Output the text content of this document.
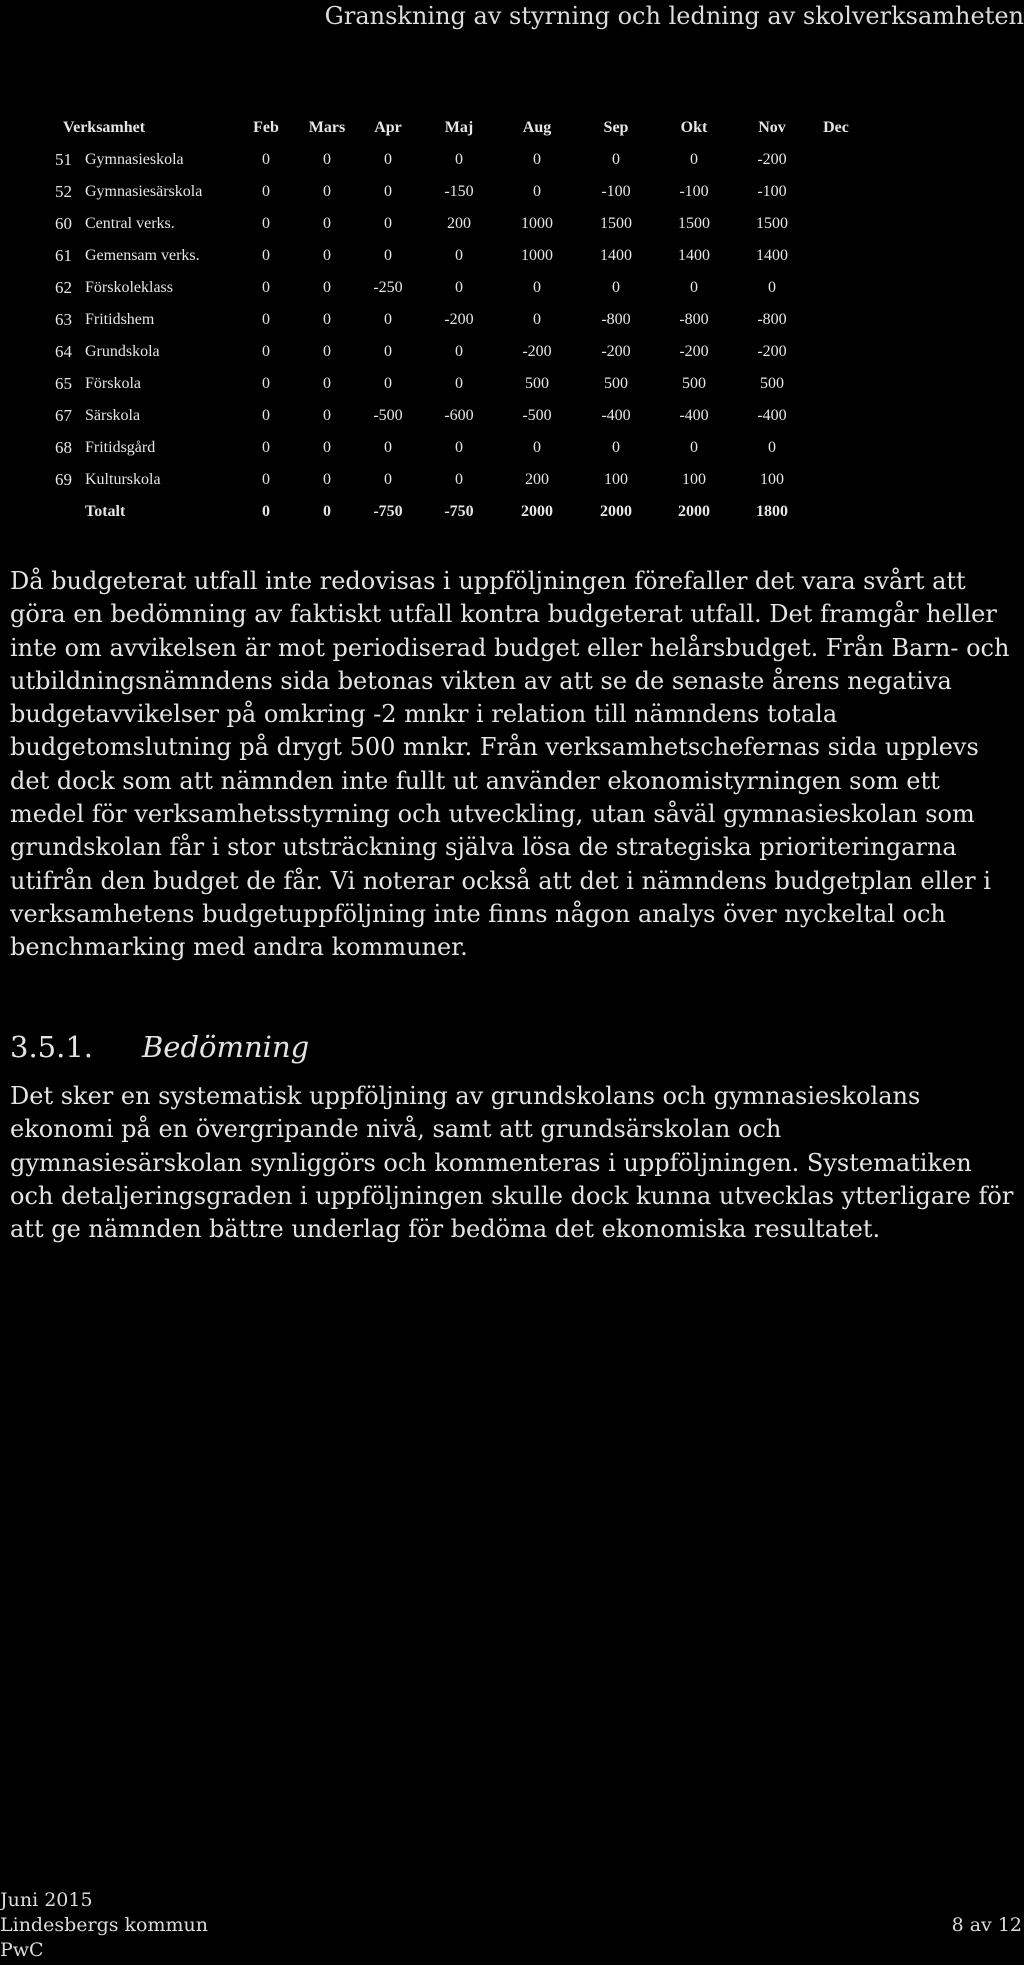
Granskning av styrning och ledning av skolverksamheten
Verksamhet		Feb	Mars	Apr	Maj	Aug	Sep	Okt	Nov	Dec
51	Gymnasieskola	0	0	0	0	0	0	0	-200	
52	Gymnasiesärskola	0	0	0	-150	0	-100	-100	-100	
60	Central verks.	0	0	0	200	1000	1500	1500	1500	
61	Gemensam verks.	0	0	0	0	1000	1400	1400	1400	
62	Förskoleklass	0	0	-250	0	0	0	0	0	
63	Fritidshem	0	0	0	-200	0	-800	-800	-800	
64	Grundskola	0	0	0	0	-200	-200	-200	-200	
65	Förskola	0	0	0	0	500	500	500	500	
67	Särskola	0	0	-500	-600	-500	-400	-400	-400	
68	Fritidsgård	0	0	0	0	0	0	0	0	
69	Kulturskola	0	0	0	0	200	100	100	100	
	Totalt	0	0	-750	-750	2000	2000	2000	1800	

Då budgeterat utfall inte redovisas i uppföljningen förefaller det vara svårt att göra en bedömning av faktiskt utfall kontra budgeterat utfall. Det framgår heller inte om avvikelsen är mot periodiserad budget eller helårsbudget. Från Barn- och utbildningsnämndens sida betonas vikten av att se de senaste årens negativa budgetavvikelser på omkring -2 mnkr i relation till nämndens totala budgetomslutning på drygt 500 mnkr. Från verksamhetschefernas sida upplevs det dock som att nämnden inte fullt ut använder ekonomistyrningen som ett medel för verksamhetsstyrning och utveckling, utan såväl gymnasieskolan som grundskolan får i stor utsträckning själva lösa de strategiska prioriteringarna utifrån den budget de får. Vi noterar också att det i nämndens budgetplan eller i verksamhetens budgetuppföljning inte finns någon analys över nyckeltal och benchmarking med andra kommuner.

3.5.1. Bedömning

Det sker en systematisk uppföljning av grundskolans och gymnasieskolans ekonomi på en övergripande nivå, samt att grundsärskolan och gymnasiesärskolan synliggörs och kommenteras i uppföljningen. Systematiken och detaljeringsgraden i uppföljningen skulle dock kunna utvecklas ytterligare för att ge nämnden bättre underlag för bedöma det ekonomiska resultatet.

Juni 2015
Lindesbergs kommun
PwC
8 av 12
